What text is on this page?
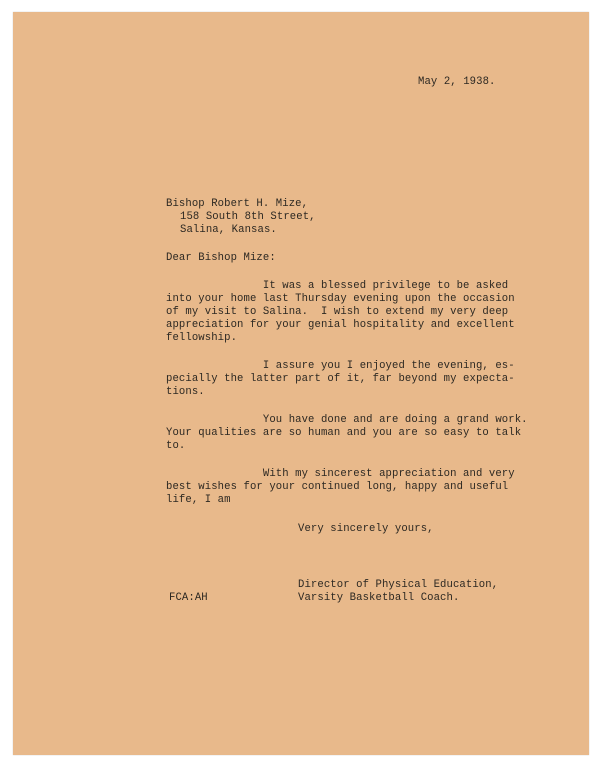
May 2, 1938.
Bishop Robert H. Mize,
158 South 8th Street,
Salina, Kansas.
Dear Bishop Mize:
It was a blessed privilege to be asked
into your home last Thursday evening upon the occasion
of my visit to Salina.  I wish to extend my very deep
appreciation for your genial hospitality and excellent
fellowship.
I assure you I enjoyed the evening, es-
pecially the latter part of it, far beyond my expecta-
tions.
You have done and are doing a grand work.
Your qualities are so human and you are so easy to talk
to.
With my sincerest appreciation and very
best wishes for your continued long, happy and useful
life, I am
Very sincerely yours,
FCA:AH
Director of Physical Education,
Varsity Basketball Coach.
